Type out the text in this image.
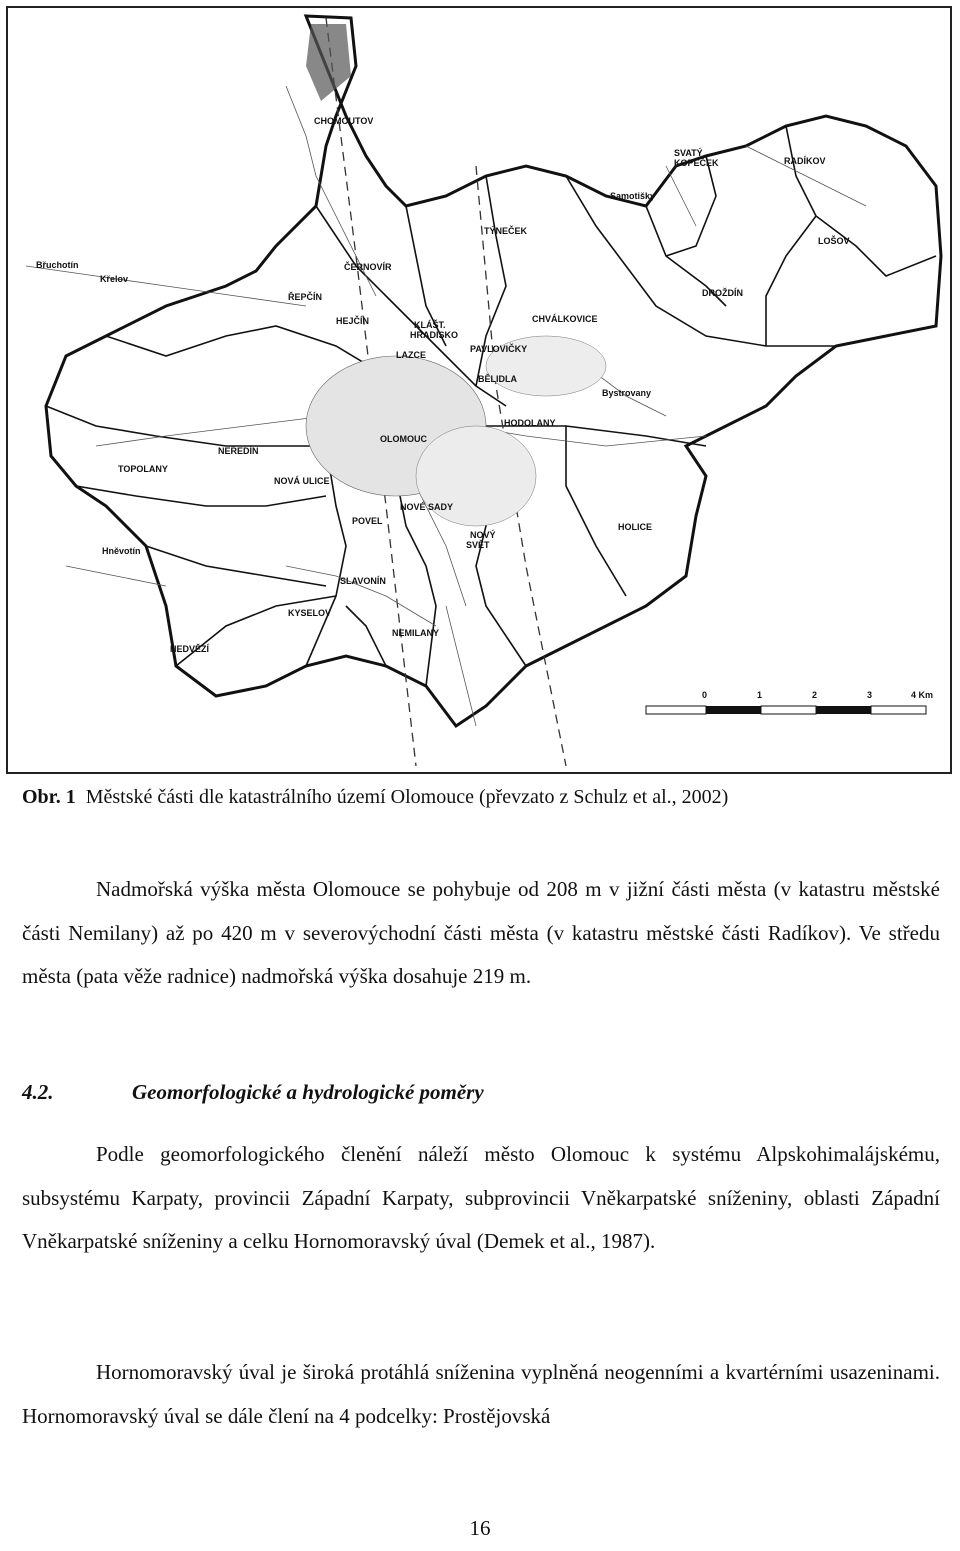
0	1	2	3	4 Km
CHOMOUTOV
SVATÝ
KOPEČEK	RADÍKOV
Samotišky
TÝNEČEK
LOŠOV
Břuchotín
Křelov
ČERNOVÍR
ŘEPČÍN	DROŽDÍN
HEJČÍN	KLÁŠT.
HRADISKO
CHVÁLKOVICE
LAZCE
PAVLOVIČKY
BĚLIDLA
Bystrovany
OLOMOUC
HODOLANY
NEŘEDÍN
TOPOLANY
NOVÁ ULICE
NOVÉ SADY
POVEL
HOLICE
NOVÝ
SVĚT
Hněvotín
SLAVONÍN
KYSELOV
NEMILANY
NEDVĚZÍ
Obr. 1 Městské části dle katastrálního území Olomouce (převzato z Schulz et al., 2002)
Nadmořská výška města Olomouce se pohybuje od 208 m v jižní části města (v katastru městské části Nemilany) až po 420 m v severovýchodní části města (v katastru městské části Radíkov). Ve středu města (pata věže radnice) nadmořská výška dosahuje 219 m.
4.2.	Geomorfologické a hydrologické poměry
Podle geomorfologického členění náleží město Olomouc k systému Alpskohimalájskému, subsystému Karpaty, provincii Západní Karpaty, subprovincii Vněkarpatské sníženiny, oblasti Západní Vněkarpatské sníženiny a celku Hornomoravský úval (Demek et al., 1987).
Hornomoravský úval je široká protáhlá sníženina vyplněná neogenními a kvartérními usazeninami. Hornomoravský úval se dále člení na 4 podcelky: Prostějovská
16
